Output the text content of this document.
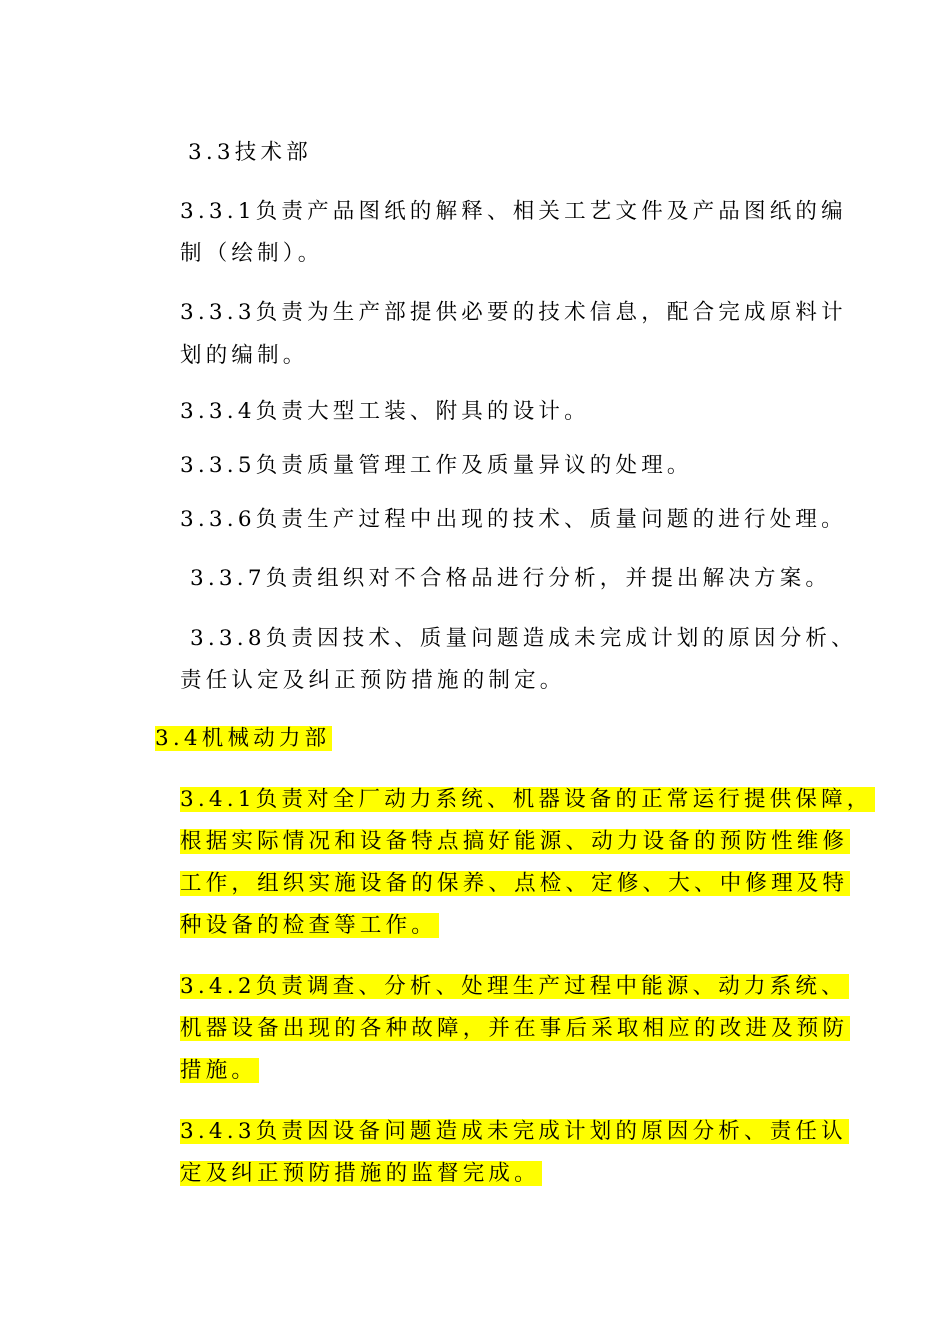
3.3技术部
3.3.1负责产品图纸的解释、相关工艺文件及产品图纸的编
制（绘制）。
3.3.3负责为生产部提供必要的技术信息，配合完成原料计
划的编制。
3.3.4负责大型工装、附具的设计。
3.3.5负责质量管理工作及质量异议的处理。
3.3.6负责生产过程中出现的技术、质量问题的进行处理。
3.3.7负责组织对不合格品进行分析，并提出解决方案。
3.3.8负责因技术、质量问题造成未完成计划的原因分析、
责任认定及纠正预防措施的制定。
3.4机械动力部
3.4.1负责对全厂动力系统、机器设备的正常运行提供保障，
根据实际情况和设备特点搞好能源、动力设备的预防性维修
工作，组织实施设备的保养、点检、定修、大、中修理及特
种设备的检查等工作。
3.4.2负责调查、分析、处理生产过程中能源、动力系统、
机器设备出现的各种故障，并在事后采取相应的改进及预防
措施。
3.4.3负责因设备问题造成未完成计划的原因分析、责任认
定及纠正预防措施的监督完成。
